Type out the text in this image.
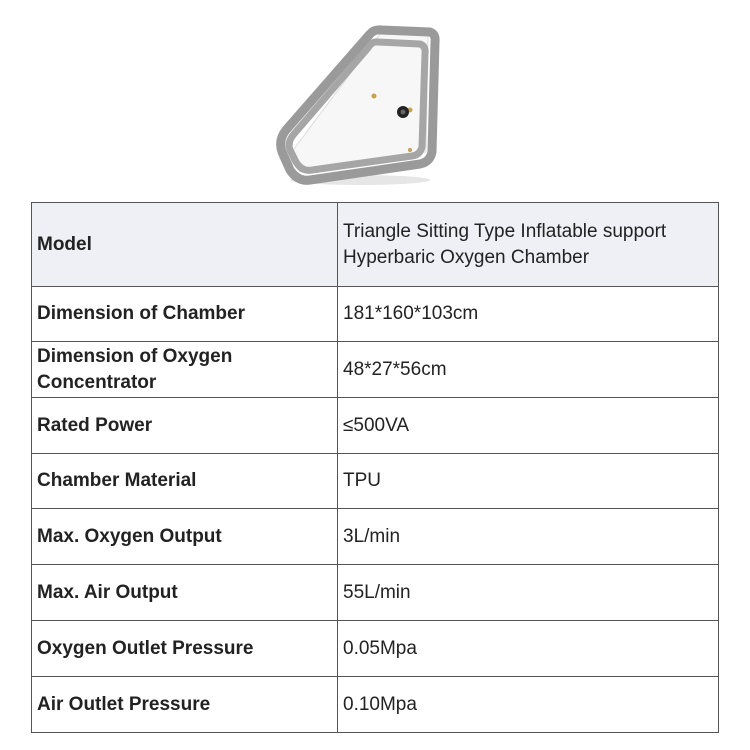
Model	Triangle Sitting Type Inflatable support Hyperbaric Oxygen Chamber
Dimension of Chamber	181*160*103cm
Dimension of Oxygen Concentrator	48*27*56cm
Rated Power	≤500VA
Chamber Material	TPU
Max. Oxygen Output	3L/min
Max. Air Output	55L/min
Oxygen Outlet Pressure	0.05Mpa
Air Outlet Pressure	0.10Mpa
